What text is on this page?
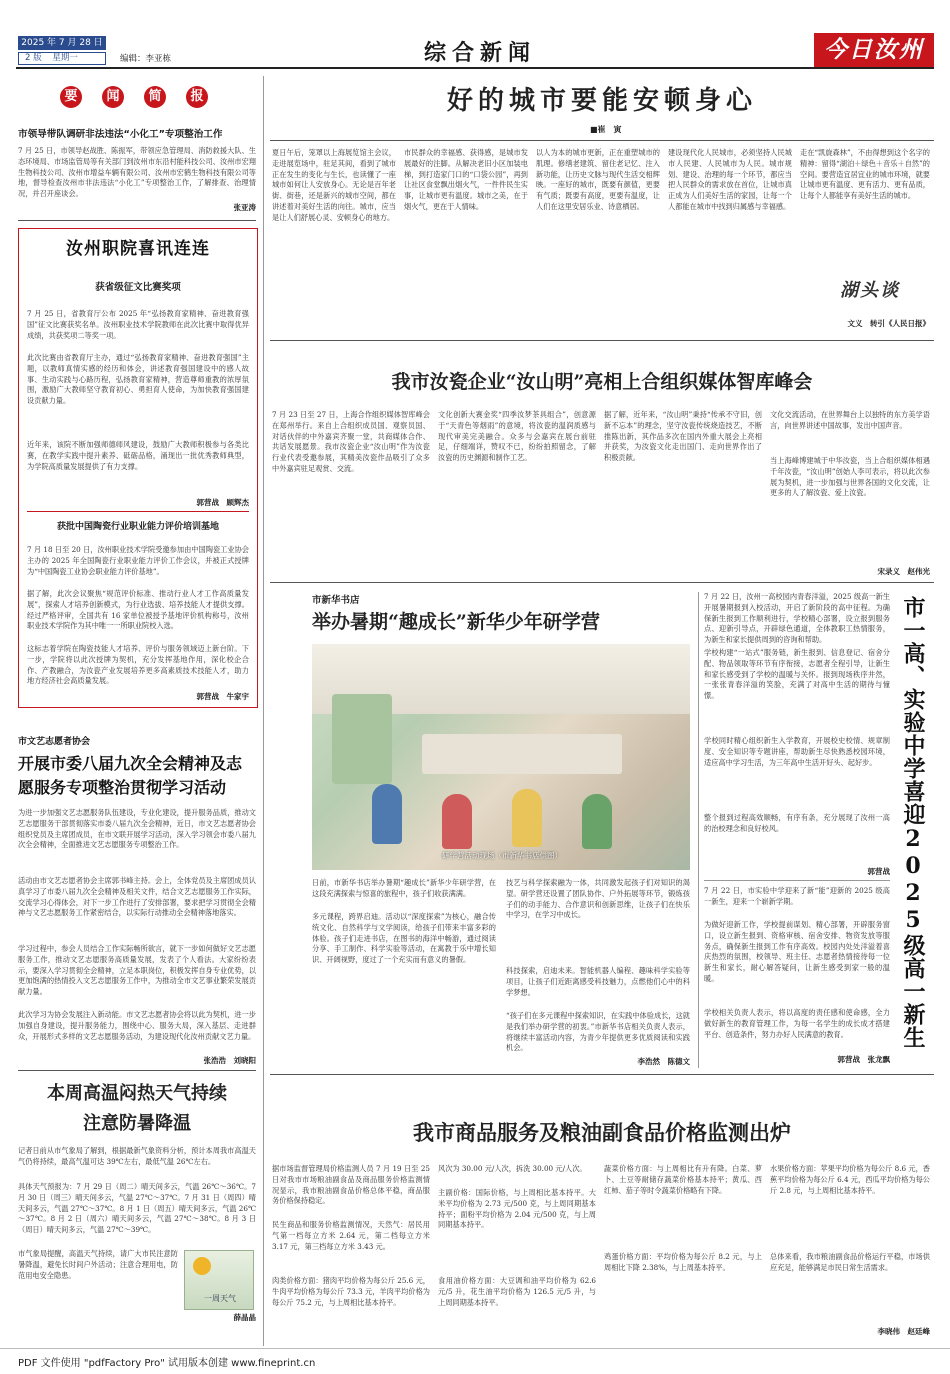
2025 年 7 月 28 日
2 版 星期一	编辑：李亚栋	综合新闻	今日汝州
要	闻	简	报
市领导带队调研非法违法“小化工”专项整治工作
7 月 25 日，市领导赵战胜、陈振军，带领应急管理局、消防救援大队、生态环境局、市场监管局等有关部门到汝州市东沿村能科技公司、汝州市宏翔生物科技公司、汝州市增益车辆有限公司、汝州市宏鹤生物科技有限公司等地，督导检查汝州市非法违法“小化工”专项整治工作，了解排查、治理情况，并召开座谈会。
张亚涛
汝州职院喜讯连连
获省级征文比赛奖项
7 月 25 日，省教育厅公布 2025 年“弘扬教育家精神、奋进教育强国”征文比赛获奖名单。汝州职业技术学院教师在此次比赛中取得优异成绩，共获奖项二等奖一项。
此次比赛由省教育厅主办，通过“弘扬教育家精神、奋进教育强国”主题，以教师真情实感的经历和体会，讲述教育强国建设中的感人故事、生动实践与心路历程，弘扬教育家精神，营造尊师重教的浓厚氛围，激励广大教师坚守教育初心、勇担育人使命，为加快教育强国建设贡献力量。
近年来，该院不断加强师德师风建设，鼓励广大教师积极参与各类比赛，在教学实践中提升素养、砥砺品格，涌现出一批优秀教师典型，为学院高质量发展提供了有力支撑。
郭营战　顾辉杰
获批中国陶瓷行业职业能力评价培训基地
7 月 18 日至 20 日，汝州职业技术学院受邀参加由中国陶瓷工业协会主办的 2025 年全国陶瓷行业职业能力评价工作会议，并被正式授牌为“中国陶瓷工业协会职业能力评价基地”。
据了解，此次会议聚焦“规范评价标准、推动行业人才工作高质量发展”，探索人才培养创新模式，为行业选拔、培养技能人才提供支撑。经过严格评审，全国共有 16 家单位被授予基地评价机构称号，汝州职业技术学院作为其中唯一一所职业院校入选。
这标志着学院在陶瓷技能人才培养、评价与服务领域迈上新台阶。下一步，学院将以此次授牌为契机，充分发挥基地作用，深化校企合作、产教融合，为汝瓷产业发展培养更多高素质技术技能人才，助力地方经济社会高质量发展。
郭营战　牛家宇
市文艺志愿者协会
开展市委八届九次全会精神及志愿服务专项整治贯彻学习活动
为进一步加强文艺志愿服务队伍建设，专业化建设，提升服务品质，推动文艺志愿服务干部贯彻落实市委八届九次全会精神，近日，市文艺志愿者协会组织党员及主席团成员，在市文联开展学习活动，深入学习领会市委八届九次全会精神，全面推进文艺志愿服务专项整治工作。
活动由市文艺志愿者协会主席郭书峰主持。会上，全体党员及主席团成员认真学习了市委八届九次全会精神及相关文件，结合文艺志愿服务工作实际，交流学习心得体会，对下一步工作进行了安排部署，要求把学习贯彻全会精神与文艺志愿服务工作紧密结合，以实际行动推动全会精神落地落实。
学习过程中，参会人员结合工作实际畅所欲言，就下一步如何做好文艺志愿服务工作，推动文艺志愿服务高质量发展，发表了个人看法。大家纷纷表示，要深入学习贯彻全会精神，立足本职岗位，积极发挥自身专业优势，以更加饱满的热情投入文艺志愿服务工作中，为推动全市文艺事业繁荣发展贡献力量。
此次学习为协会发展注入新动能。市文艺志愿者协会将以此为契机，进一步加强自身建设，提升服务能力，围绕中心、服务大局，深入基层、走进群众，开展形式多样的文艺志愿服务活动，为建设现代化汝州贡献文艺力量。
张浩浩　刘晓阳
本周高温闷热天气持续
注意防暑降温
记者日前从市气象局了解到，根据最新气象资料分析，预计本周我市高温天气仍将持续，最高气温可达 39℃左右，最低气温 26℃左右。
具体天气预报为：7 月 29 日（周二）晴天间多云，气温 26℃～36℃。7 月 30 日（周三）晴天间多云，气温 27℃～37℃。7 月 31 日（周四）晴天间多云，气温 27℃～37℃。8 月 1 日（周五）晴天间多云，气温 26℃～37℃。8 月 2 日（周六）晴天间多云，气温 27℃～38℃。8 月 3 日（周日）晴天间多云，气温 27℃～39℃。
市气象局提醒，高温天气持续，请广大市民注意防暑降温，避免长时间户外活动；注意合理用电，防范用电安全隐患。
一周天气
薛晶晶
好的城市要能安顿身心
■崔　寅
夏日午后，笼罩以上海展览馆主会议，走进展览场中，驻足其间，看到了城市正在发生的变化与生长，也读懂了一座城市如何让人安放身心。无论是百年老街、街巷，还是新兴的城市空间，都在讲述着对美好生活的向往。城市，应当是让人们舒展心灵、安顿身心的地方。
市民群众的幸福感、获得感，是城市发展最好的注脚。从解决老旧小区加装电梯，到打造家门口的“口袋公园”，再到让社区食堂飘出烟火气，一件件民生实事，让城市更有温度。城市之美，在于烟火气，更在于人情味。
以人为本的城市更新，正在重塑城市的肌理。修缮老建筑、留住老记忆、注入新功能，让历史文脉与现代生活交相辉映。一座好的城市，既要有颜值，更要有气质；既要有高度，更要有温度，让人们在这里安居乐业、诗意栖居。
建设现代化人民城市，必须坚持人民城市人民建、人民城市为人民。城市规划、建设、治理的每一个环节，都应当把人民群众的需求放在首位，让城市真正成为人们美好生活的家园，让每一个人都能在城市中找到归属感与幸福感。
走在“凯旋森林”，不由得想到这个名字的精神：留得“湖泊＋绿色＋音乐＋自然”的空间。要营造宜居宜业的城市环境，就要让城市更有温度、更有活力、更有品质，让每个人都能享有美好生活的城市。
湖头谈
文义　转引《人民日报》
我市汝瓷企业“汝山明”亮相上合组织媒体智库峰会
7 月 23 日至 27 日，上海合作组织媒体智库峰会在郑州举行。来自上合组织成员国、观察员国、对话伙伴的中外嘉宾齐聚一堂，共商媒体合作、共话发展愿景。我市汝瓷企业“汝山明”作为汝瓷行业代表受邀参展，其精美汝瓷作品吸引了众多中外嘉宾驻足观赏、交流。
文化创新大赛金奖“四季汝梦茶具组合”，创意源于“天青色等烟雨”的意境，将汝瓷的温润质感与现代审美完美融合。众多与会嘉宾在展台前驻足，仔细端详，赞叹不已，纷纷拍照留念，了解汝瓷的历史渊源和制作工艺。
据了解，近年来，“汝山明”秉持“传承不守旧，创新不忘本”的理念，坚守汝瓷传统烧造技艺，不断推陈出新，其作品多次在国内外重大展会上亮相并获奖，为汝瓷文化走出国门、走向世界作出了积极贡献。
文化交流活动，在世界舞台上以独特的东方美学语言，向世界讲述中国故事，发出中国声音。
当上海峰博建城于中华汝瓷，当上合组织媒体相遇千年汝瓷，“汝山明”创始人李可表示，将以此次参展为契机，进一步加强与世界各国的文化交流，让更多的人了解汝瓷、爱上汝瓷。
宋录义　赵伟光
市新华书店
举办暑期“趣成长”新华少年研学营
研学营活动现场（市新华书店供图）
日前，市新华书店举办暑期“趣成长”新华少年研学营，在这段充满探索与惊喜的旅程中，孩子们收获满满。
多元课程，跨界启迪。活动以“深度探索”为核心，融合传统文化、自然科学与文学阅读，给孩子们带来丰富多彩的体验。孩子们走进书店，在图书的海洋中畅游，通过阅读分享、手工制作、科学实验等活动，在寓教于乐中增长知识、开阔视野，度过了一个充实而有意义的暑假。
技艺与科学探索融为一体，共同激发起孩子们对知识的渴望。研学营还设置了团队协作、户外拓展等环节，锻炼孩子们的动手能力、合作意识和创新思维，让孩子们在快乐中学习，在学习中成长。
科技探索，启迪未来。智能机器人编程、趣味科学实验等项目，让孩子们近距离感受科技魅力，点燃他们心中的科学梦想。
“孩子们在多元课程中探索知识，在实践中体验成长，这就是我们举办研学营的初衷。”市新华书店相关负责人表示，将继续丰富活动内容，为青少年提供更多优质阅读和实践机会。
李浩然　陈德文
7 月 22 日，汝州一高校园内青春洋溢，2025 级高一新生开展暑期报到入校活动，开启了新阶段的高中征程。为确保新生报到工作顺利进行，学校精心部署，设立报到服务点、迎新引导点，开辟绿色通道，全体教职工热情服务，为新生和家长提供周到的咨询和帮助。
学校构建“一站式”服务链，新生报到、信息登记、宿舍分配、物品领取等环节有序衔接，志愿者全程引导，让新生和家长感受到了学校的温暖与关怀。报到现场秩序井然，一张张青春洋溢的笑脸，充满了对高中生活的期待与憧憬。
学校同时精心组织新生入学教育，开展校史校情、规章制度、安全知识等专题讲座，帮助新生尽快熟悉校园环境，适应高中学习生活，为三年高中生活开好头、起好步。
整个报到过程高效顺畅，有序有条，充分展现了汝州一高的治校理念和良好校风。
郭营战
7 月 22 日，市实验中学迎来了新“能”迎新的 2025 级高一新生，迎来一个崭新学期。
为做好迎新工作，学校提前谋划、精心部署，开辟服务窗口，设立新生报到、资格审核、宿舍安排、物资发放等服务点，确保新生报到工作有序高效。校园内处处洋溢着喜庆热烈的氛围，校领导、班主任、志愿者热情接待每一位新生和家长，耐心解答疑问，让新生感受到家一般的温暖。
学校相关负责人表示，将以高度的责任感和使命感，全力做好新生的教育管理工作，为每一名学生的成长成才搭建平台、创造条件，努力办好人民满意的教育。
郭营战　张龙飘
市一高、实验中学喜迎2025级高一新生
我市商品服务及粮油副食品价格监测出炉
据市场监督管理局价格监测人员 7 月 19 日至 25 日对我市市场粮油副食品及商品服务价格监测情况显示，我市粮油副食品价格总体平稳，商品服务价格保持稳定。
民生商品和服务价格监测情况，天然气：居民用气第一档每立方米 2.64 元，第二档每立方米 3.17 元，第三档每立方米 3.43 元。
肉类价格方面：猪肉平均价格为每公斤 25.6 元，牛肉平均价格为每公斤 73.3 元，羊肉平均价格为每公斤 75.2 元，与上周相比基本持平。
风次为 30.00 元/人次，拆洗 30.00 元/人次。
主副价格：国际价格，与上周相比基本持平。大米平均价格为 2.73 元/500 克，与上周同期基本持平；面粉平均价格为 2.04 元/500 克，与上周同期基本持平。
食用油价格方面：大豆调和油平均价格为 62.6 元/5 升，花生油平均价格为 126.5 元/5 升，与上周同期基本持平。
蔬菜价格方面：与上周相比有升有降。白菜、萝卜、土豆等耐储存蔬菜价格基本持平；黄瓜、西红柿、茄子等时令蔬菜价格略有下降。
鸡蛋价格方面：平均价格为每公斤 8.2 元，与上周相比下降 2.38%，与上周基本持平。
水果价格方面：苹果平均价格为每公斤 8.6 元，香蕉平均价格为每公斤 6.4 元，西瓜平均价格为每公斤 2.8 元，与上周相比基本持平。
总体来看，我市粮油副食品价格运行平稳，市场供应充足，能够满足市民日常生活需求。
李晓伟　赵廷峰
PDF 文件使用 "pdfFactory Pro" 试用版本创建 www.fineprint.cn
